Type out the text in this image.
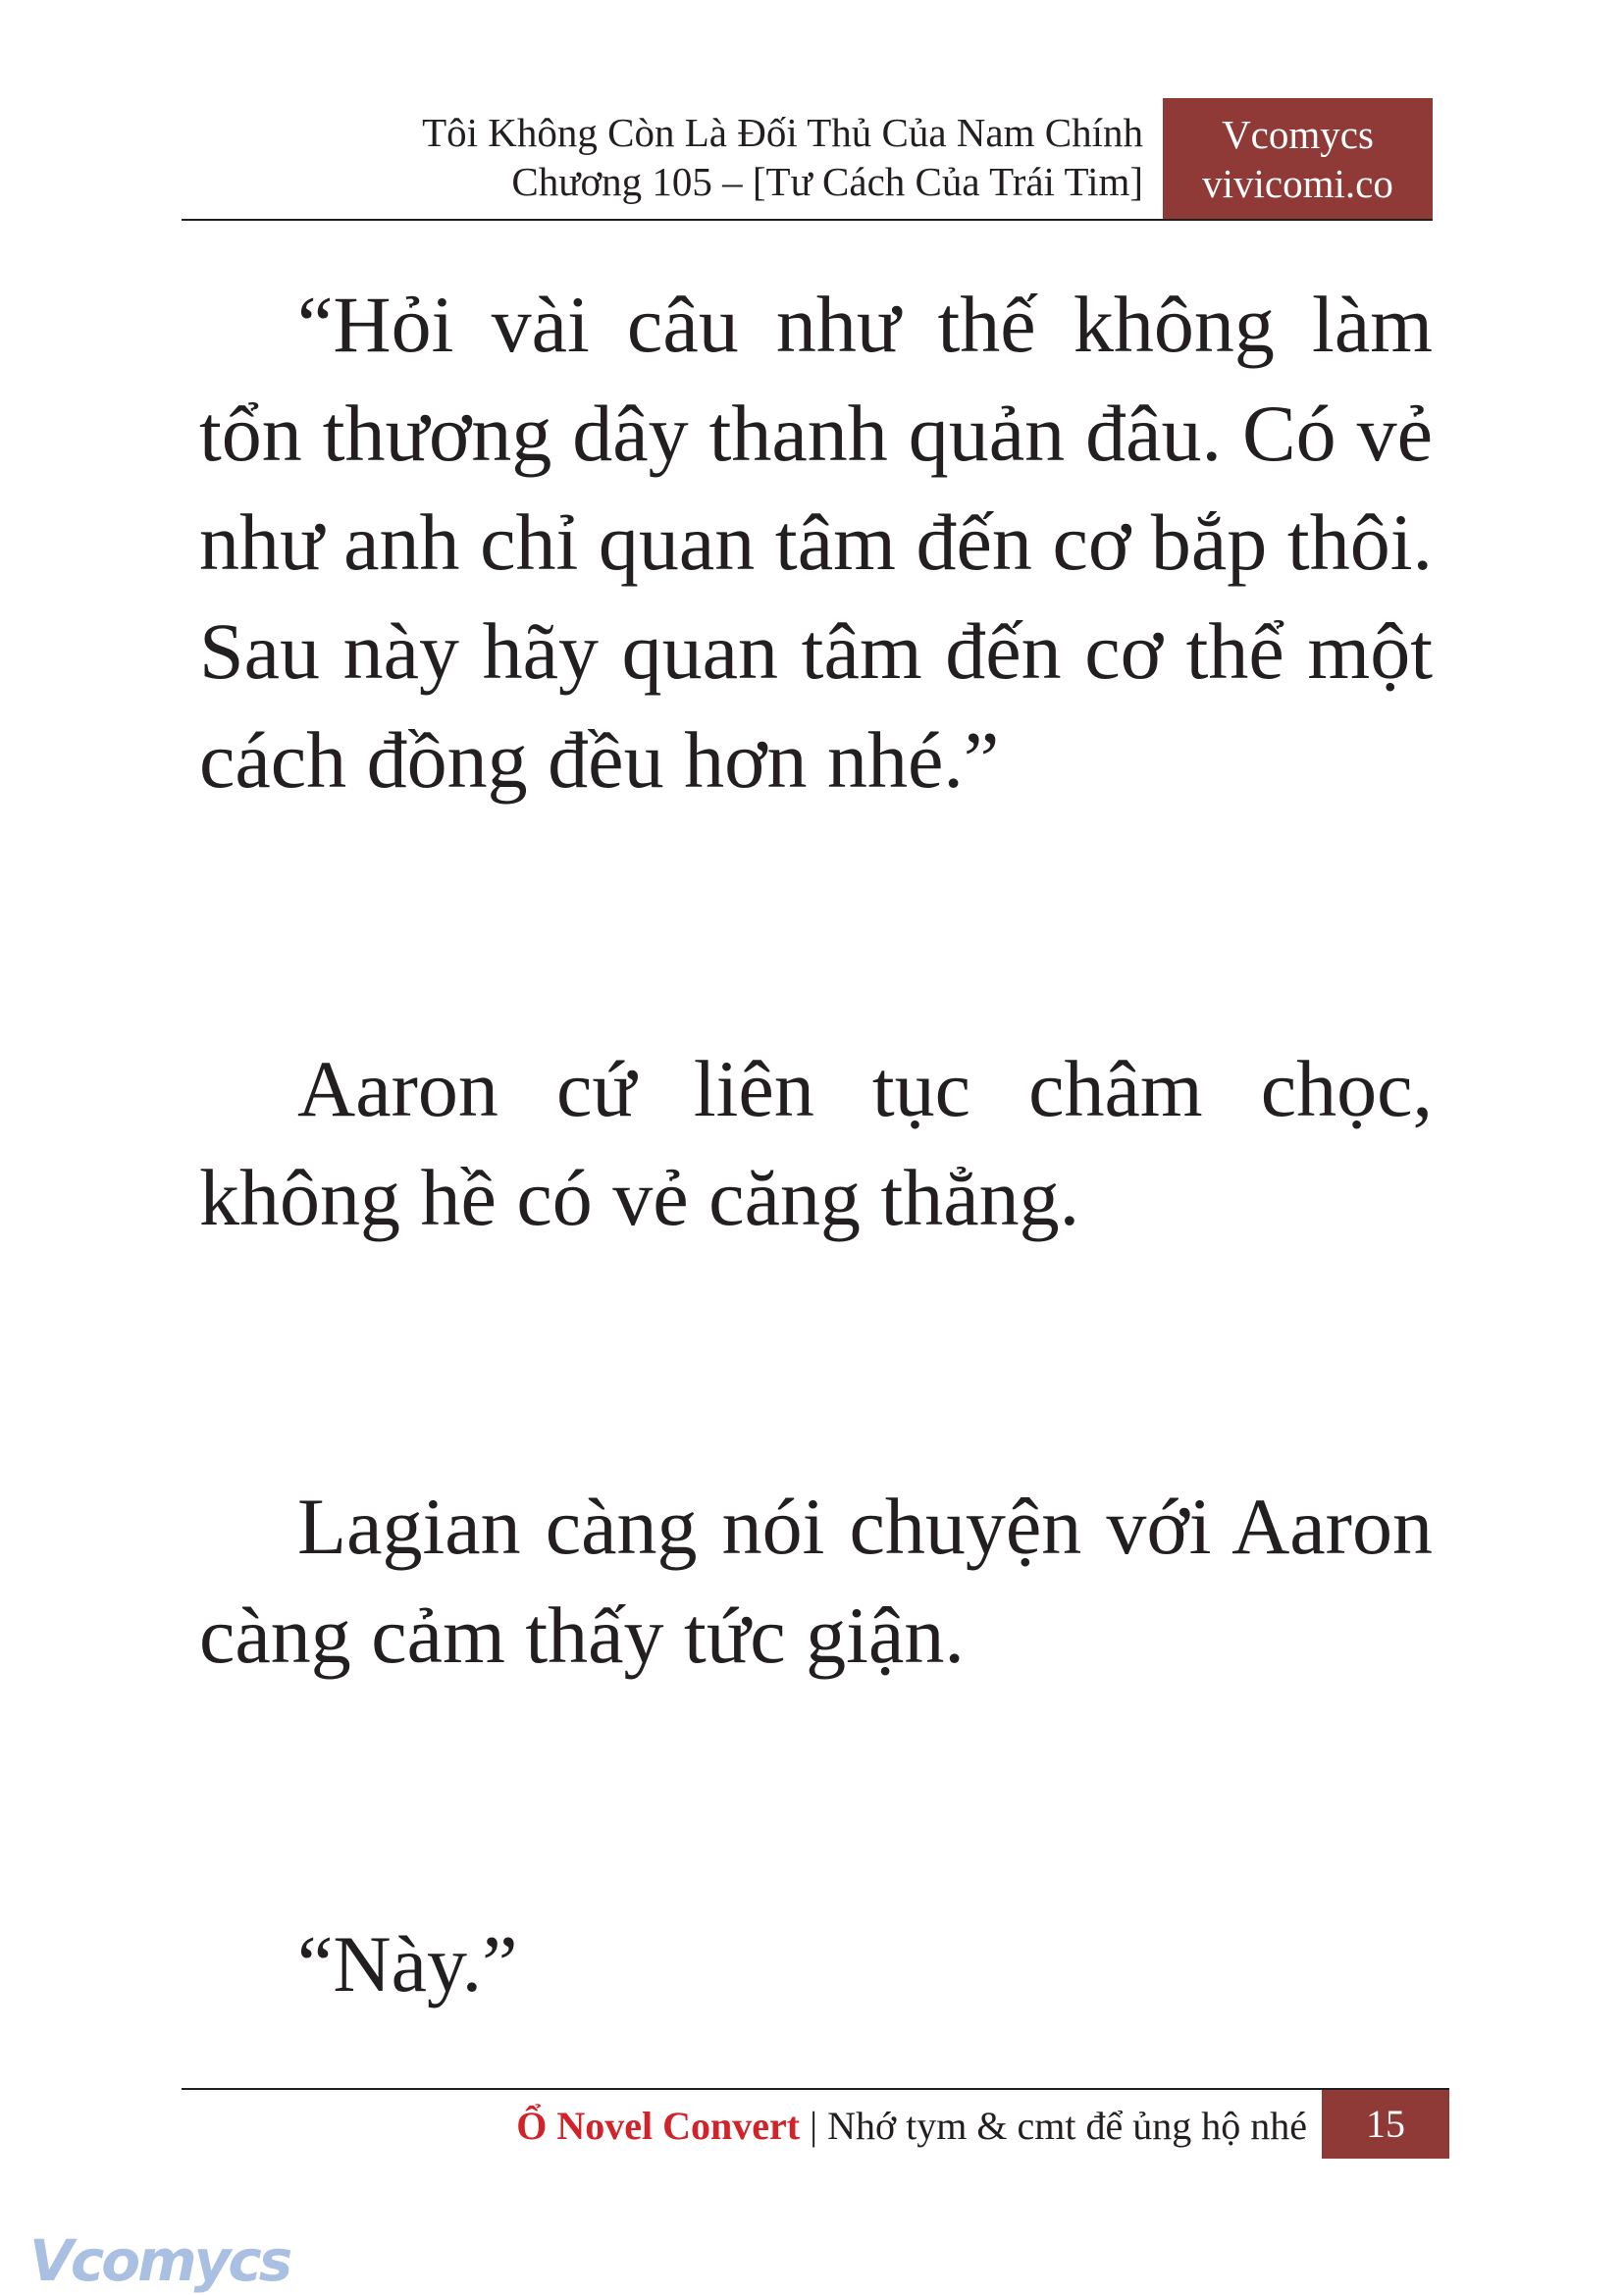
Tôi Không Còn Là Đối Thủ Của Nam Chính
Chương 105 – [Tư Cách Của Trái Tim]
Vcomycs
vivicomi.co

“Hỏi vài câu như thế không làm tổn thương dây thanh quản đâu. Có vẻ như anh chỉ quan tâm đến cơ bắp thôi. Sau này hãy quan tâm đến cơ thể một cách đồng đều hơn nhé.”

Aaron cứ liên tục châm chọc, không hề có vẻ căng thẳng.

Lagian càng nói chuyện với Aaron càng cảm thấy tức giận.

“Này.”

Ổ Novel Convert | Nhớ tym & cmt để ủng hộ nhé	15
Vcomycs
